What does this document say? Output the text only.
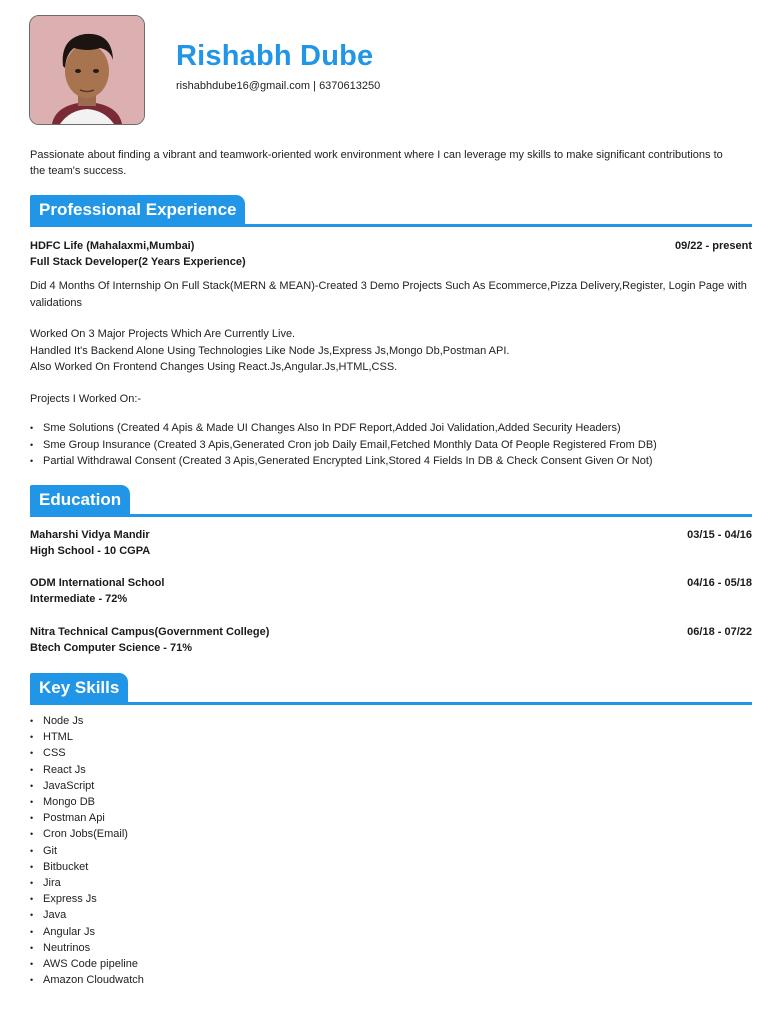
Rishabh Dube
rishabhdube16@gmail.com | 6370613250
Passionate about finding a vibrant and teamwork-oriented work environment where I can leverage my skills to make significant contributions to the team's success.
Professional Experience
HDFC Life (Mahalaxmi,Mumbai)	09/22 - present
Full Stack Developer(2 Years Experience)
Did 4 Months Of Internship On Full Stack(MERN & MEAN)-Created 3 Demo Projects Such As Ecommerce,Pizza Delivery,Register, Login Page with validations
Worked On 3 Major Projects Which Are Currently Live.
Handled It's Backend Alone Using Technologies Like Node Js,Express Js,Mongo Db,Postman API.
Also Worked On Frontend Changes Using React.Js,Angular.Js,HTML,CSS.
Projects I Worked On:-
• Sme Solutions (Created 4 Apis & Made UI Changes Also In PDF Report,Added Joi Validation,Added Security Headers)
• Sme Group Insurance (Created 3 Apis,Generated Cron job Daily Email,Fetched Monthly Data Of People Registered From DB)
• Partial Withdrawal Consent (Created 3 Apis,Generated Encrypted Link,Stored 4 Fields In DB & Check Consent Given Or Not)
Education
Maharshi Vidya Mandir	03/15 - 04/16
High School - 10 CGPA
ODM International School	04/16 - 05/18
Intermediate - 72%
Nitra Technical Campus(Government College)	06/18 - 07/22
Btech Computer Science - 71%
Key Skills
• Node Js
• HTML
• CSS
• React Js
• JavaScript
• Mongo DB
• Postman Api
• Cron Jobs(Email)
• Git
• Bitbucket
• Jira
• Express Js
• Java
• Angular Js
• Neutrinos
• AWS Code pipeline
• Amazon Cloudwatch
